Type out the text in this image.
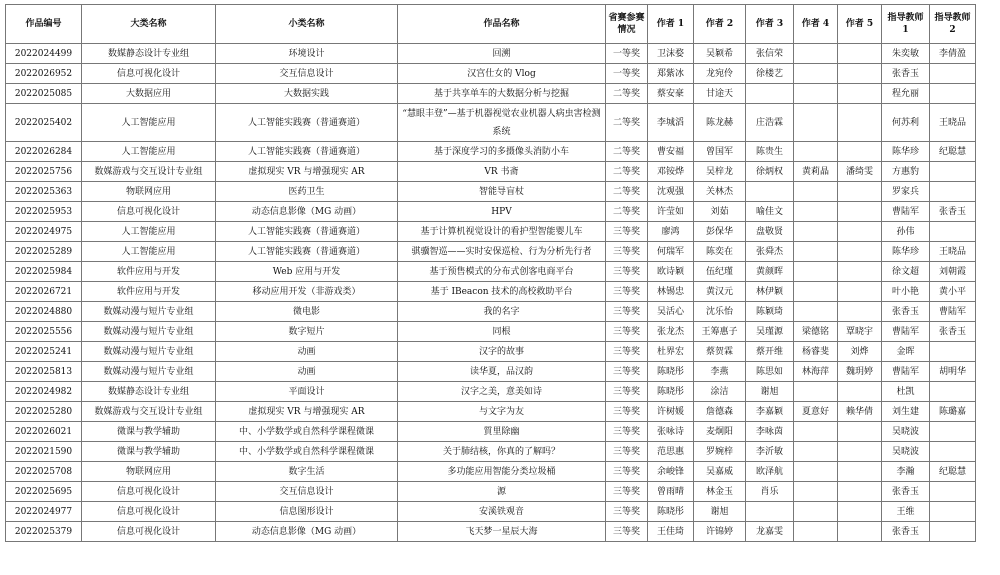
作品编号	大类名称	小类名称	作品名称	省赛参赛情况	作者 1	作者 2	作者 3	作者 4	作者 5	指导教师 1	指导教师 2
2022024499	数媒静态设计专业组	环境设计	回溯	一等奖	卫沫婺	吴颖希	张信荣			朱奕敏	李倩盈
2022026952	信息可视化设计	交互信息设计	汉宫仕女的 Vlog	一等奖	郑紫冰	龙宛伶	徐楼艺			张香玉	
2022025085	大数据应用	大数据实践	基于共享单车的大数据分析与挖掘	二等奖	蔡安豪	甘途天				程允丽	
2022025402	人工智能应用	人工智能实践赛（普通赛道）	“慧眼丰登”—基于机器视觉农业机器人病虫害检测系统	二等奖	李城滔	陈龙赫	庄浩霖			何苏利	王晓品
2022026284	人工智能应用	人工智能实践赛（普通赛道）	基于深度学习的多摄像头消防小车	二等奖	曹安福	曾国军	陈贵生			陈华珍	纪聪慧
2022025756	数媒游戏与交互设计专业组	虚拟现实 VR 与增强现实 AR	VR 书斋	二等奖	邓铵烨	吴梓龙	徐炳权	黄莉晶	潘绮雯	方惠豹	
2022025363	物联网应用	医药卫生	智能导盲杖	二等奖	沈观强	关林杰				罗家兵	
2022025953	信息可视化设计	动态信息影像（MG 动画）	HPV	二等奖	许莹如	刘茹	喻佳文			曹陆军	张香玉
2022024975	人工智能应用	人工智能实践赛（普通赛道）	基于计算机视觉设计的看护型智能婴儿车	三等奖	廖鸿	彭保华	盘敬贤			孙伟	
2022025289	人工智能应用	人工智能实践赛（普通赛道）	骐骥智巡——实时安保巡检、行为分析先行者	三等奖	何瑞军	陈奕在	张舜杰			陈华珍	王晓品
2022025984	软件应用与开发	Web 应用与开发	基于预售模式的分布式创客电商平台	三等奖	欧诗颖	伍纪瑾	黄颜晖			徐文超	刘朝霞
2022026721	软件应用与开发	移动应用开发（非游戏类）	基于 IBeacon 技术的高校救助平台	三等奖	林锡忠	黄汉元	林伊颖			叶小艳	黄小平
2022024880	数媒动漫与短片专业组	微电影	我的名字	三等奖	吴活心	沈乐怡	陈颖琦			张香玉	曹陆军
2022025556	数媒动漫与短片专业组	数字短片	同根	三等奖	张龙杰	王筹惠子	吴瑾源	梁德铭	覃晓宇	曹陆军	张香玉
2022025241	数媒动漫与短片专业组	动画	汉字的故事	三等奖	杜界宏	蔡贺霖	蔡开维	杨睿斐	刘烨	金晖	
2022025813	数媒动漫与短片专业组	动画	读华夏，品汉韵	三等奖	陈晓彤	李燕	陈思如	林海萍	魏玥婷	曹陆军	胡明华
2022024982	数媒静态设计专业组	平面设计	汉字之美，意美如诗	三等奖	陈晓彤	涂洁	谢旭			杜凯	
2022025280	数媒游戏与交互设计专业组	虚拟现实 VR 与增强现实 AR	与文字为友	三等奖	许树媛	詹德森	李嘉颖	夏意好	赖华倩	刘生建	陈璐嘉
2022026021	微课与教学辅助	中、小学数学或自然科学课程微课	質里除幽	三等奖	张咏诗	麦炯阳	李咏茵			吴晓波	
2022021590	微课与教学辅助	中、小学数学或自然科学课程微课	关于肺结核，你真的了解吗？	三等奖	范思惠	罗婉梓	李沂敏			吴晓波	
2022025708	物联网应用	数字生活	多功能应用智能分类垃圾桶	三等奖	余峻锋	吴嘉威	欧泽航			李瀚	纪聪慧
2022025695	信息可视化设计	交互信息设计	源	三等奖	曾雨晴	林金玉	肖乐			张香玉	
2022024977	信息可视化设计	信息图形设计	安溪铁观音	三等奖	陈晓彤	谢旭				王维	
2022025379	信息可视化设计	动态信息影像（MG 动画）	飞天梦一星辰大海	三等奖	王佳琦	许锦婷	龙嘉雯			张香玉	
